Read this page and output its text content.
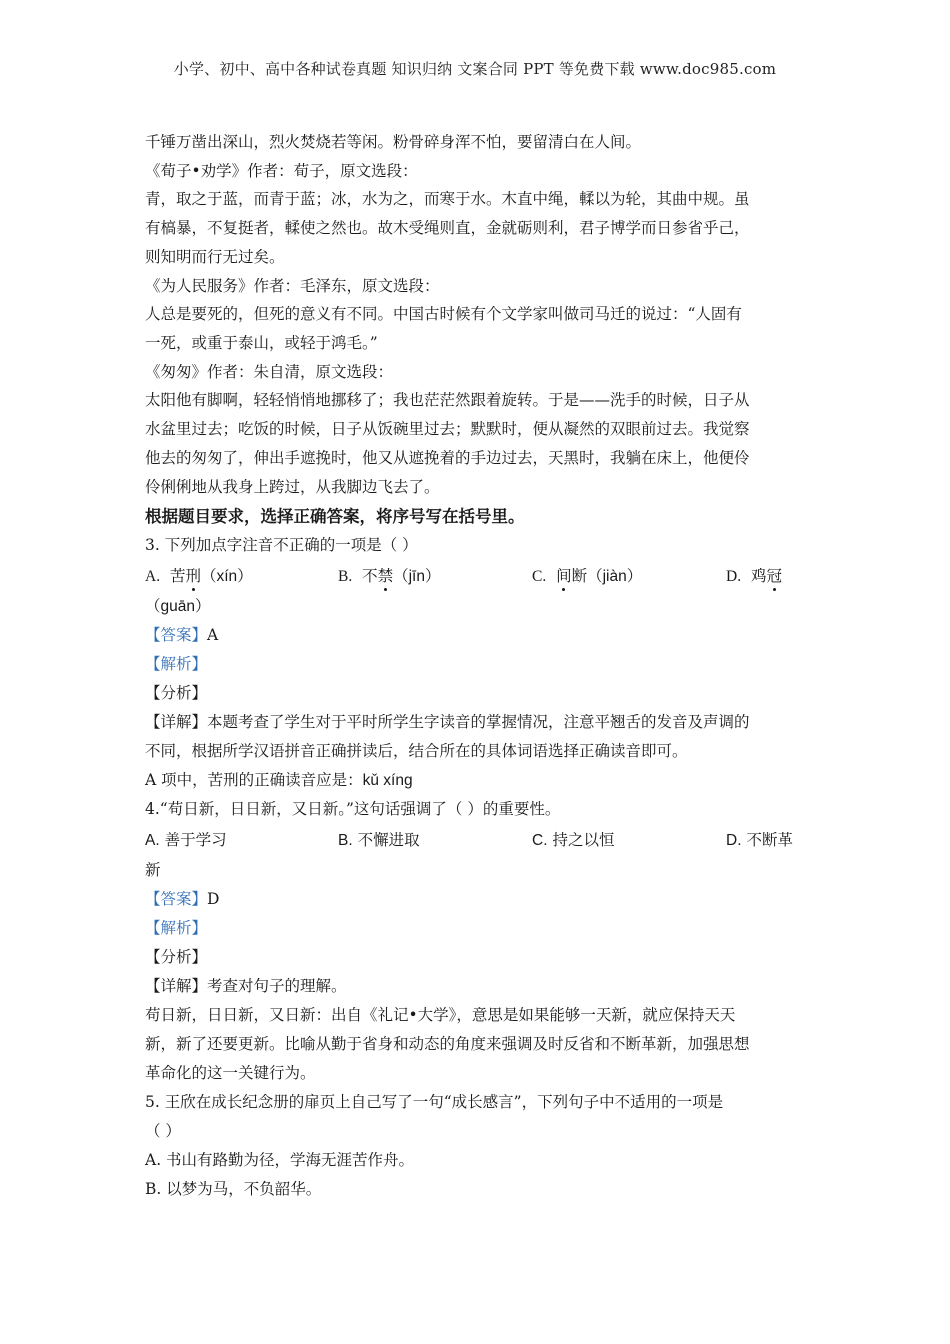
小学、初中、高中各种试卷真题 知识归纳 文案合同 PPT 等免费下载 www.doc985.com
千锤万凿出深山，烈火焚烧若等闲。粉骨碎身浑不怕，要留清白在人间。
《荀子•劝学》作者：荀子，原文选段：
青，取之于蓝，而青于蓝；冰，水为之，而寒于水。木直中绳，輮以为轮，其曲中规。虽
有槁暴，不复挺者，輮使之然也。故木受绳则直，金就砺则利，君子博学而日参省乎己，
则知明而行无过矣。
《为人民服务》作者：毛泽东，原文选段：
人总是要死的，但死的意义有不同。中国古时候有个文学家叫做司马迁的说过：“人固有
一死，或重于泰山，或轻于鸿毛。”
《匆匆》作者：朱自清，原文选段：
太阳他有脚啊，轻轻悄悄地挪移了；我也茫茫然跟着旋转。于是——洗手的时候，日子从
水盆里过去；吃饭的时候，日子从饭碗里过去；默默时，便从凝然的双眼前过去。我觉察
他去的匆匆了，伸出手遮挽时，他又从遮挽着的手边过去，天黑时，我躺在床上，他便伶
伶俐俐地从我身上跨过，从我脚边飞去了。
根据题目要求，选择正确答案，将序号写在括号里。
3. 下列加点字注音不正确的一项是（ ）
A. 苦刑（xín）	B. 不禁（jīn）	C. 间断（jiàn）	D. 鸡冠
（guān）
【答案】A
【解析】
【分析】
【详解】本题考查了学生对于平时所学生字读音的掌握情况，注意平翘舌的发音及声调的
不同，根据所学汉语拼音正确拼读后，结合所在的具体词语选择正确读音即可。
A 项中，苦刑的正确读音应是：kǔ xíng
4.“苟日新，日日新，又日新。”这句话强调了（ ）的重要性。
A. 善于学习	B. 不懈进取	C. 持之以恒	D. 不断革
新
【答案】D
【解析】
【分析】
【详解】考查对句子的理解。
苟日新，日日新，又日新：出自《礼记•大学》，意思是如果能够一天新，就应保持天天
新，新了还要更新。比喻从勤于省身和动态的角度来强调及时反省和不断革新，加强思想
革命化的这一关键行为。
5. 王欣在成长纪念册的扉页上自己写了一句“成长感言”，下列句子中不适用的一项是
（ ）
A. 书山有路勤为径，学海无涯苦作舟。
B. 以梦为马，不负韶华。
